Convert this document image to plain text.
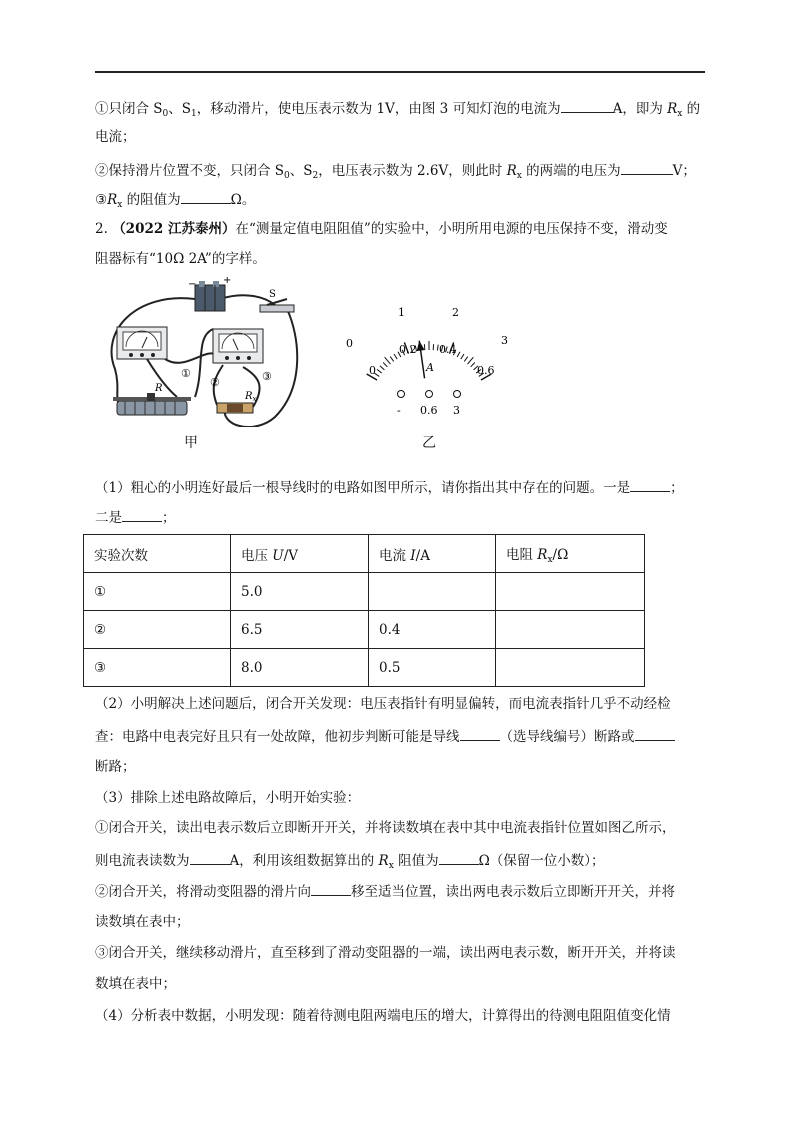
①只闭合 $S_0$、$S_1$，移动滑片，使电压表示数为 1V，由图 3 可知灯泡的电流为	A，即为 $R_x$ 的
电流；
②保持滑片位置不变，只闭合 $S_0$、$S_2$，电压表示数为 2.6V，则此时 $R_x$ 的两端的电压为	V；
$③R_x$ 的阻值为	Ω。
2. （2022 江苏泰州）在“测量定值电阻阻值”的实验中，小明所用电源的电压保持不变，滑动变
阻器标有“10Ω 2A”的字样。
−	+
S
R
$R_x$
①
②	③
甲
0
1	2
3
0
0.2 0.4
0.6
A
- 0.6 3
乙
（1）粗心的小明连好最后一根导线时的电路如图甲所示，请你指出其中存在的问题。一是	；
二是	；
实验次数	电压 U/V	电流 I/A	电阻 $R_x/\Omega$
①	5.0		
②	6.5	0.4	
③	8.0	0.5	
（2）小明解决上述问题后，闭合开关发现：电压表指针有明显偏转，而电流表指针几乎不动经检
查：电路中电表完好且只有一处故障，他初步判断可能是导线	（选导线编号）断路或
断路；
（3）排除上述电路故障后，小明开始实验：
①闭合开关，读出电表示数后立即断开开关，并将读数填在表中其中电流表指针位置如图乙所示，
则电流表读数为	A，利用该组数据算出的 $R_x$ 阻值为	Ω（保留一位小数）；
②闭合开关，将滑动变阻器的滑片向	移至适当位置，读出两电表示数后立即断开开关，并将
读数填在表中；
③闭合开关，继续移动滑片，直至移到了滑动变阻器的一端，读出两电表示数，断开开关，并将读
数填在表中；
（4）分析表中数据，小明发现：随着待测电阻两端电压的增大，计算得出的待测电阻阻值变化情
